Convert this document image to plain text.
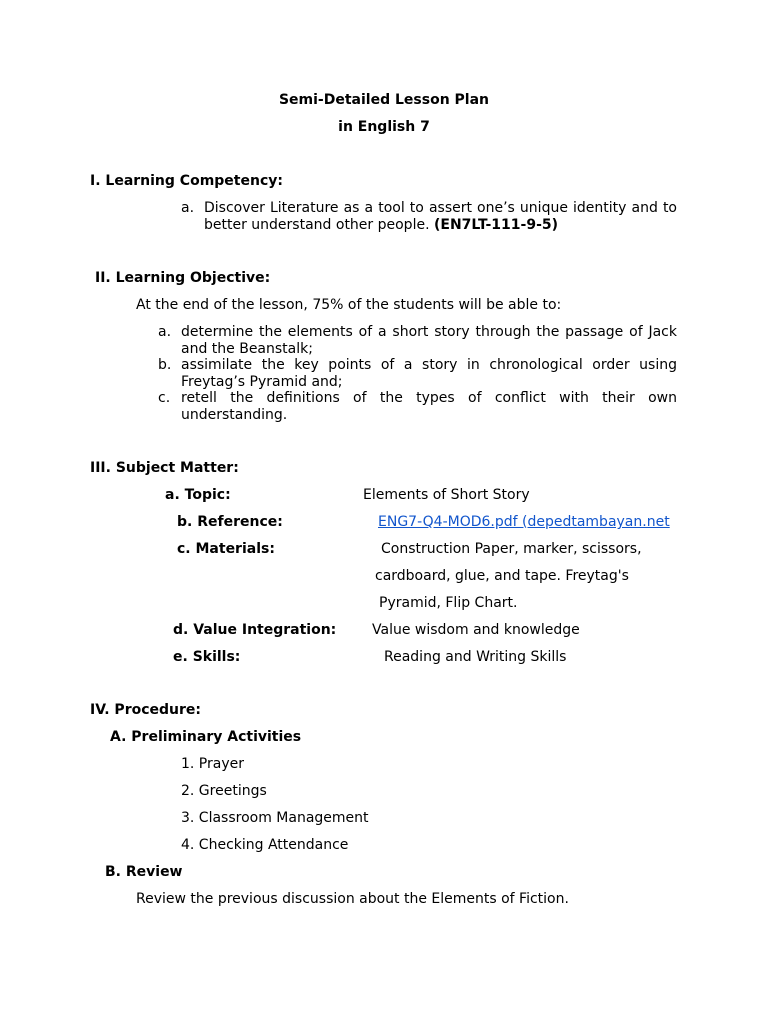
Semi-Detailed Lesson Plan
in English 7
I. Learning Competency:
a. Discover Literature as a tool to assert one’s unique identity and to better understand other people. (EN7LT-111-9-5)
II. Learning Objective:
At the end of the lesson, 75% of the students will be able to:
a. determine the elements of a short story through the passage of Jack and the Beanstalk;
b. assimilate the key points of a story in chronological order using Freytag’s Pyramid and;
c. retell the definitions of the types of conflict with their own understanding.
III. Subject Matter:
a. Topic:	Elements of Short Story
b. Reference:	ENG7-Q4-MOD6.pdf (depedtambayan.net
c. Materials:	Construction Paper, marker, scissors,
cardboard, glue, and tape. Freytag's
Pyramid, Flip Chart.
d. Value Integration:	Value wisdom and knowledge
e. Skills:	Reading and Writing Skills
IV. Procedure:
A. Preliminary Activities
1. Prayer
2. Greetings
3. Classroom Management
4. Checking Attendance
B. Review
Review the previous discussion about the Elements of Fiction.
